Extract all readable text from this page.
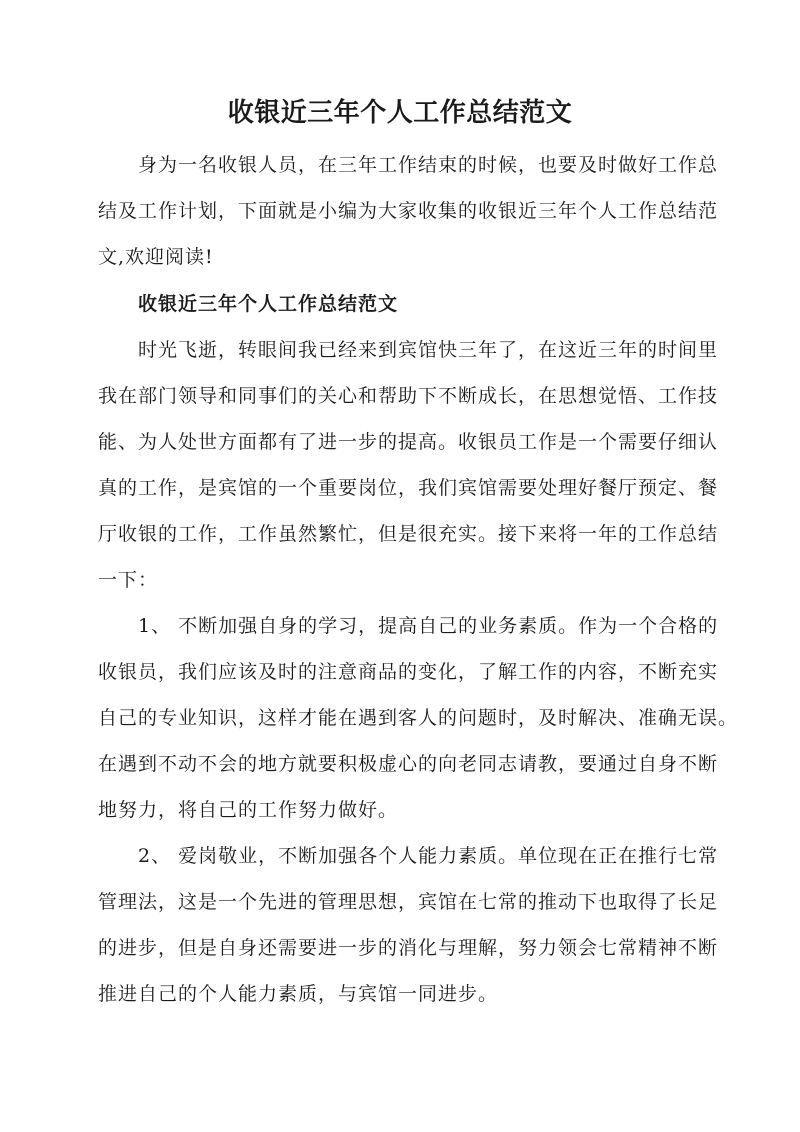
收银近三年个人工作总结范文
身为一名收银人员，在三年工作结束的时候，也要及时做好工作总
结及工作计划，下面就是小编为大家收集的收银近三年个人工作总结范
文,欢迎阅读!
收银近三年个人工作总结范文
时光飞逝，转眼间我已经来到宾馆快三年了，在这近三年的时间里
我在部门领导和同事们的关心和帮助下不断成长，在思想觉悟、工作技
能、为人处世方面都有了进一步的提高。收银员工作是一个需要仔细认
真的工作，是宾馆的一个重要岗位，我们宾馆需要处理好餐厅预定、餐
厅收银的工作，工作虽然繁忙，但是很充实。接下来将一年的工作总结
一下：
1、 不断加强自身的学习，提高自己的业务素质。作为一个合格的
收银员，我们应该及时的注意商品的变化，了解工作的内容，不断充实
自己的专业知识，这样才能在遇到客人的问题时，及时解决、准确无误。
在遇到不动不会的地方就要积极虚心的向老同志请教，要通过自身不断
地努力，将自己的工作努力做好。
2、 爱岗敬业，不断加强各个人能力素质。单位现在正在推行七常
管理法，这是一个先进的管理思想，宾馆在七常的推动下也取得了长足
的进步，但是自身还需要进一步的消化与理解，努力领会七常精神不断
推进自己的个人能力素质，与宾馆一同进步。
